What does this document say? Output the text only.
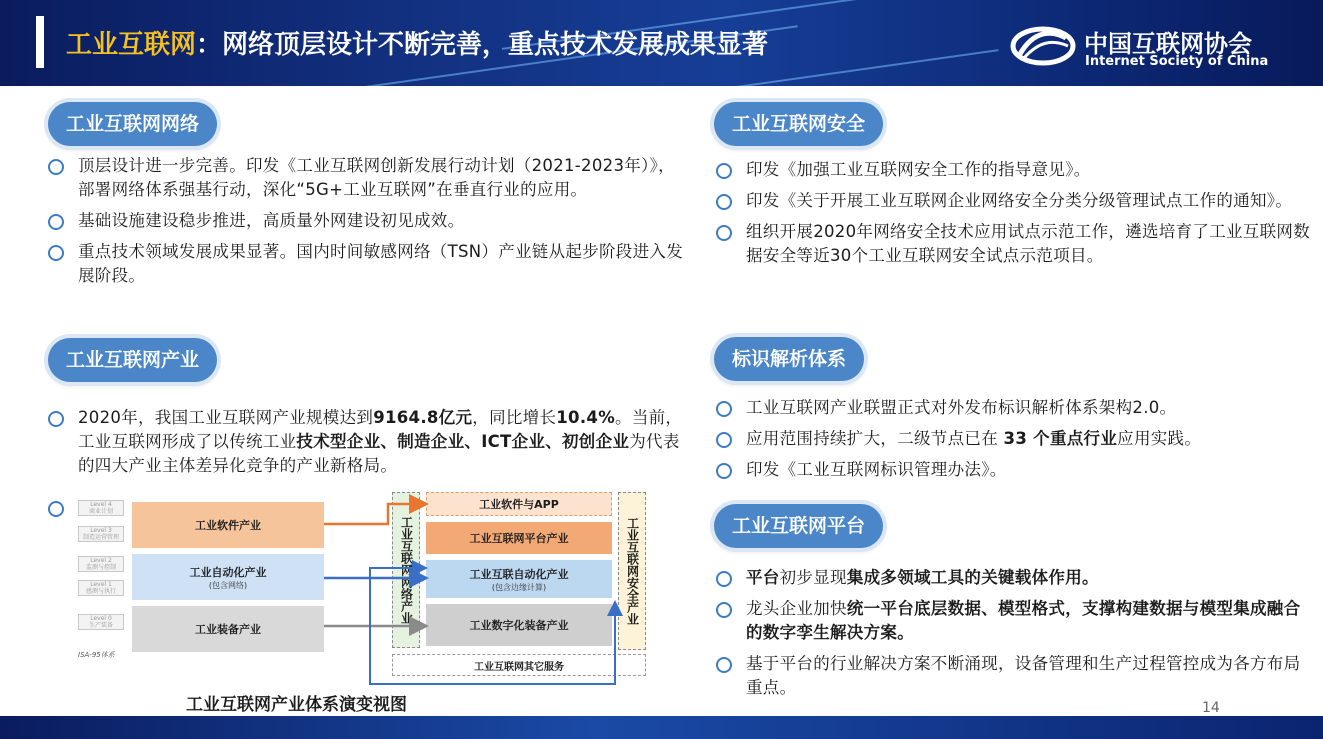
工业互联网：网络顶层设计不断完善，重点技术发展成果显著	中国互联网协会
Internet Society of China
工业互联网网络
顶层设计进一步完善。印发《工业互联网创新发展行动计划（2021-2023年）》，部署网络体系强基行动，深化“5G+工业互联网”在垂直行业的应用。
基础设施建设稳步推进，高质量外网建设初见成效。
重点技术领域发展成果显著。国内时间敏感网络（TSN）产业链从起步阶段进入发展阶段。
工业互联网产业
2020年，我国工业互联网产业规模达到9164.8亿元，同比增长10.4%。当前，工业互联网形成了以传统工业技术型企业、制造企业、ICT企业、初创企业为代表的四大产业主体差异化竞争的产业新格局。
Level 4
商业计划
Level 3
制造运营管理
Level 2
监测与控制
Level 1
感测与执行
Level 0
生产装备
ISA-95体系
工业软件产业
工业自动化产业
(包含网络)
工业装备产业
工业互联网网络产业	工业互联网安全产业
工业软件与APP
工业互联网平台产业
工业互联自动化产业
(包含边缘计算)
工业数字化装备产业
工业互联网其它服务
工业互联网产业体系演变视图
工业互联网安全
印发《加强工业互联网安全工作的指导意见》。
印发《关于开展工业互联网企业网络安全分类分级管理试点工作的通知》。
组织开展2020年网络安全技术应用试点示范工作，遴选培育了工业互联网数据安全等近30个工业互联网安全试点示范项目。
标识解析体系
工业互联网产业联盟正式对外发布标识解析体系架构2.0。
应用范围持续扩大，二级节点已在 33 个重点行业应用实践。
印发《工业互联网标识管理办法》。
工业互联网平台
平台初步显现集成多领域工具的关键载体作用。
龙头企业加快统一平台底层数据、模型格式，支撑构建数据与模型集成融合的数字孪生解决方案。
基于平台的行业解决方案不断涌现，设备管理和生产过程管控成为各方布局重点。
14
